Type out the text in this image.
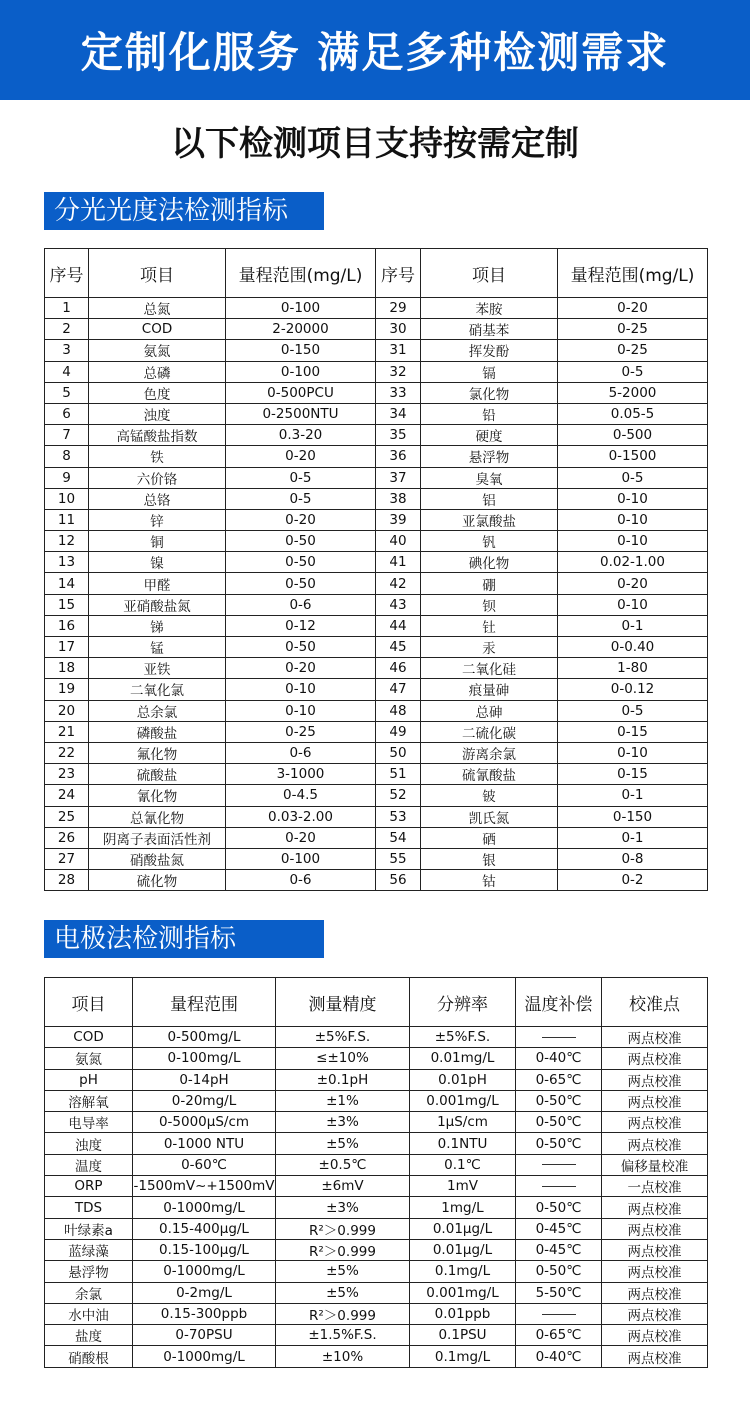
定制化服务 满足多种检测需求
以下检测项目支持按需定制
分光光度法检测指标
序号	项目	量程范围(mg/L)	序号	项目	量程范围(mg/L)
1	总氮	0-100	29	苯胺	0-20
2	COD	2-20000	30	硝基苯	0-25
3	氨氮	0-150	31	挥发酚	0-25
4	总磷	0-100	32	镉	0-5
5	色度	0-500PCU	33	氯化物	5-2000
6	浊度	0-2500NTU	34	铅	0.05-5
7	高锰酸盐指数	0.3-20	35	硬度	0-500
8	铁	0-20	36	悬浮物	0-1500
9	六价铬	0-5	37	臭氧	0-5
10	总铬	0-5	38	铝	0-10
11	锌	0-20	39	亚氯酸盐	0-10
12	铜	0-50	40	钒	0-10
13	镍	0-50	41	碘化物	0.02-1.00
14	甲醛	0-50	42	硼	0-20
15	亚硝酸盐氮	0-6	43	钡	0-10
16	锑	0-12	44	钍	0-1
17	锰	0-50	45	汞	0-0.40
18	亚铁	0-20	46	二氧化硅	1-80
19	二氧化氯	0-10	47	痕量砷	0-0.12
20	总余氯	0-10	48	总砷	0-5
21	磷酸盐	0-25	49	二硫化碳	0-15
22	氟化物	0-6	50	游离余氯	0-10
23	硫酸盐	3-1000	51	硫氰酸盐	0-15
24	氰化物	0-4.5	52	铍	0-1
25	总氰化物	0.03-2.00	53	凯氏氮	0-150
26	阴离子表面活性剂	0-20	54	硒	0-1
27	硝酸盐氮	0-100	55	银	0-8
28	硫化物	0-6	56	钴	0-2
电极法检测指标
项目	量程范围	测量精度	分辨率	温度补偿	校准点
COD	0-500mg/L	±5%F.S.	±5%F.S.		两点校准
氨氮	0-100mg/L	≤±10%	0.01mg/L	0-40℃	两点校准
pH	0-14pH	±0.1pH	0.01pH	0-65℃	两点校准
溶解氧	0-20mg/L	±1%	0.001mg/L	0-50℃	两点校准
电导率	0-5000μS/cm	±3%	1μS/cm	0-50℃	两点校准
浊度	0-1000 NTU	±5%	0.1NTU	0-50℃	两点校准
温度	0-60℃	±0.5℃	0.1℃		偏移量校准
ORP	-1500mV~+1500mV	±6mV	1mV		一点校准
TDS	0-1000mg/L	±3%	1mg/L	0-50℃	两点校准
叶绿素a	0.15-400μg/L	R²＞0.999	0.01μg/L	0-45℃	两点校准
蓝绿藻	0.15-100μg/L	R²＞0.999	0.01μg/L	0-45℃	两点校准
悬浮物	0-1000mg/L	±5%	0.1mg/L	0-50℃	两点校准
余氯	0-2mg/L	±5%	0.001mg/L	5-50℃	两点校准
水中油	0.15-300ppb	R²＞0.999	0.01ppb		两点校准
盐度	0-70PSU	±1.5%F.S.	0.1PSU	0-65℃	两点校准
硝酸根	0-1000mg/L	±10%	0.1mg/L	0-40℃	两点校准
